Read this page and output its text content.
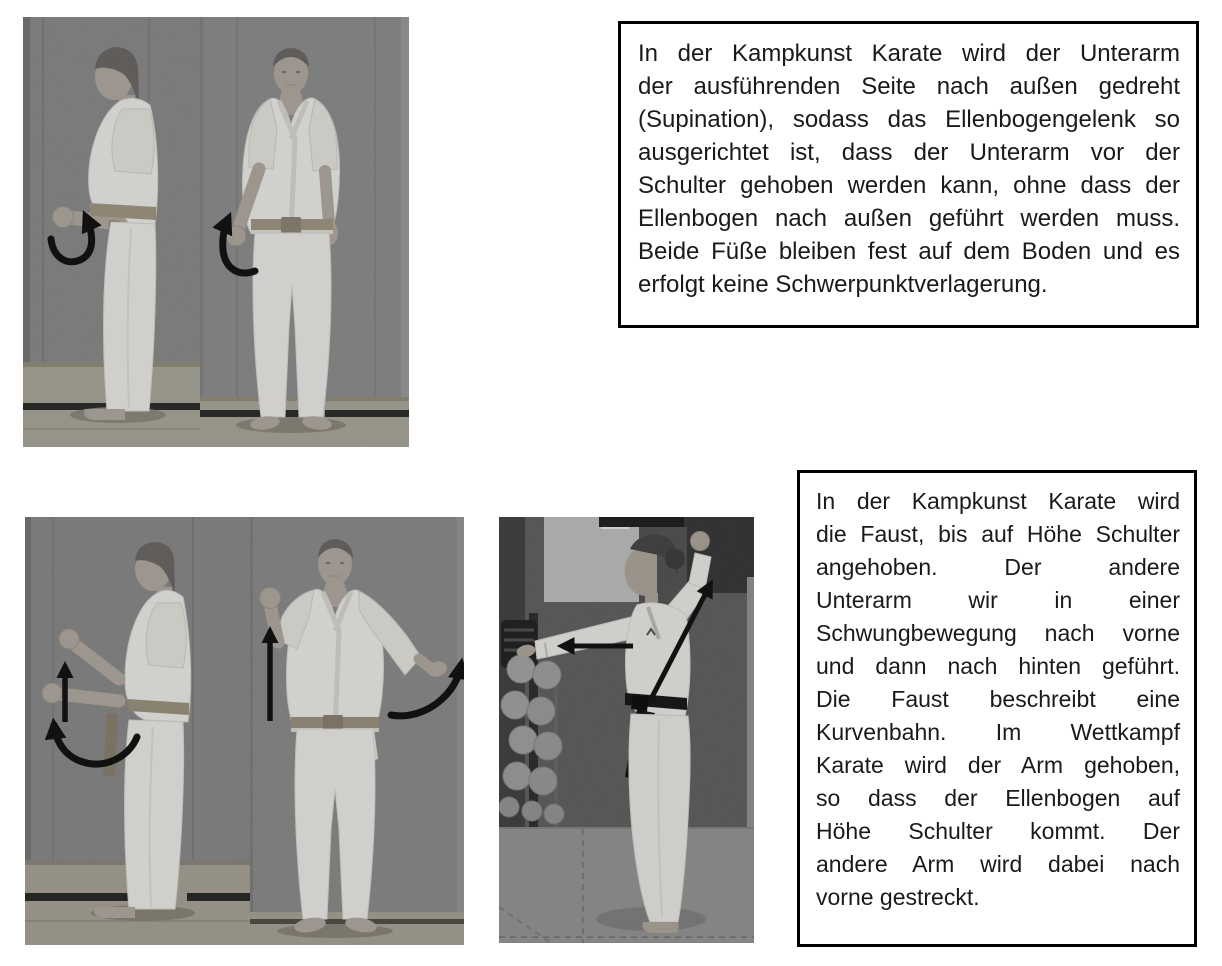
In der Kampkunst Karate wird der Unterarm
der ausführenden Seite nach außen gedreht
(Supination), sodass das Ellenbogengelenk so
ausgerichtet ist, dass der Unterarm vor der
Schulter gehoben werden kann, ohne dass der
Ellenbogen nach außen geführt werden muss.
Beide Füße bleiben fest auf dem Boden und es
erfolgt keine Schwerpunktverlagerung.
In der Kampkunst Karate wird
die Faust, bis auf Höhe Schulter
angehoben. Der andere
Unterarm wir in einer
Schwungbewegung nach vorne
und dann nach hinten geführt.
Die Faust beschreibt eine
Kurvenbahn. Im Wettkampf
Karate wird der Arm gehoben,
so dass der Ellenbogen auf
Höhe Schulter kommt. Der
andere Arm wird dabei nach
vorne gestreckt.
